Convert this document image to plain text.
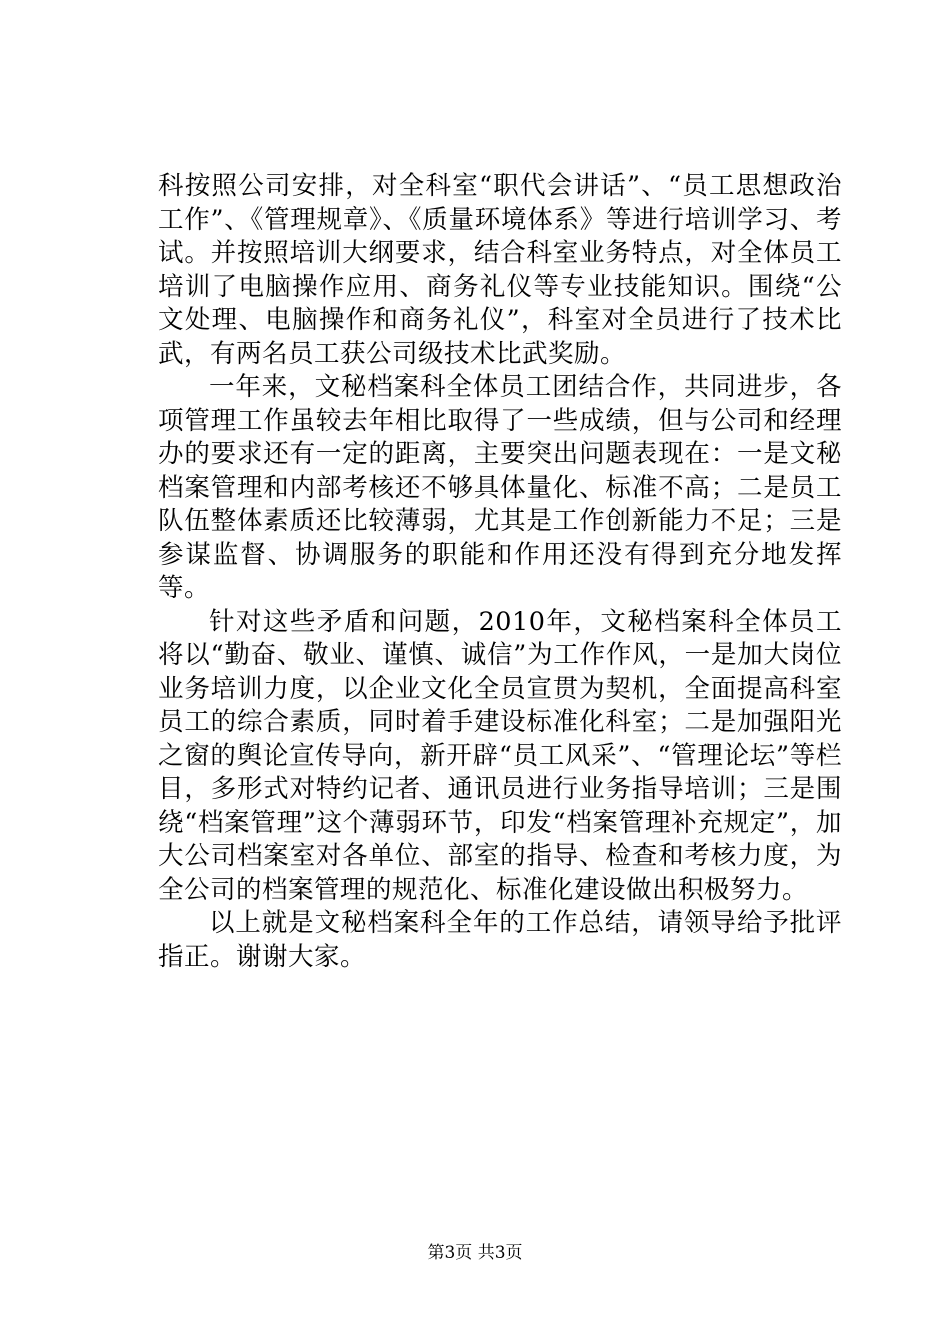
科按照公司安排，对全科室“职代会讲话”、“员工思想政治工作”、《管理规章》、《质量环境体系》等进行培训学习、考试。并按照培训大纲要求，结合科室业务特点，对全体员工培训了电脑操作应用、商务礼仪等专业技能知识。围绕“公文处理、电脑操作和商务礼仪”，科室对全员进行了技术比武，有两名员工获公司级技术比武奖励。

一年来，文秘档案科全体员工团结合作，共同进步，各项管理工作虽较去年相比取得了一些成绩，但与公司和经理办的要求还有一定的距离，主要突出问题表现在：一是文秘档案管理和内部考核还不够具体量化、标准不高；二是员工队伍整体素质还比较薄弱，尤其是工作创新能力不足；三是参谋监督、协调服务的职能和作用还没有得到充分地发挥等。

针对这些矛盾和问题，2010年，文秘档案科全体员工将以“勤奋、敬业、谨慎、诚信”为工作作风，一是加大岗位业务培训力度，以企业文化全员宣贯为契机，全面提高科室员工的综合素质，同时着手建设标准化科室；二是加强阳光之窗的舆论宣传导向，新开辟“员工风采”、“管理论坛”等栏目，多形式对特约记者、通讯员进行业务指导培训；三是围绕“档案管理”这个薄弱环节，印发“档案管理补充规定”，加大公司档案室对各单位、部室的指导、检查和考核力度，为全公司的档案管理的规范化、标准化建设做出积极努力。

以上就是文秘档案科全年的工作总结，请领导给予批评指正。谢谢大家。

第3页 共3页
